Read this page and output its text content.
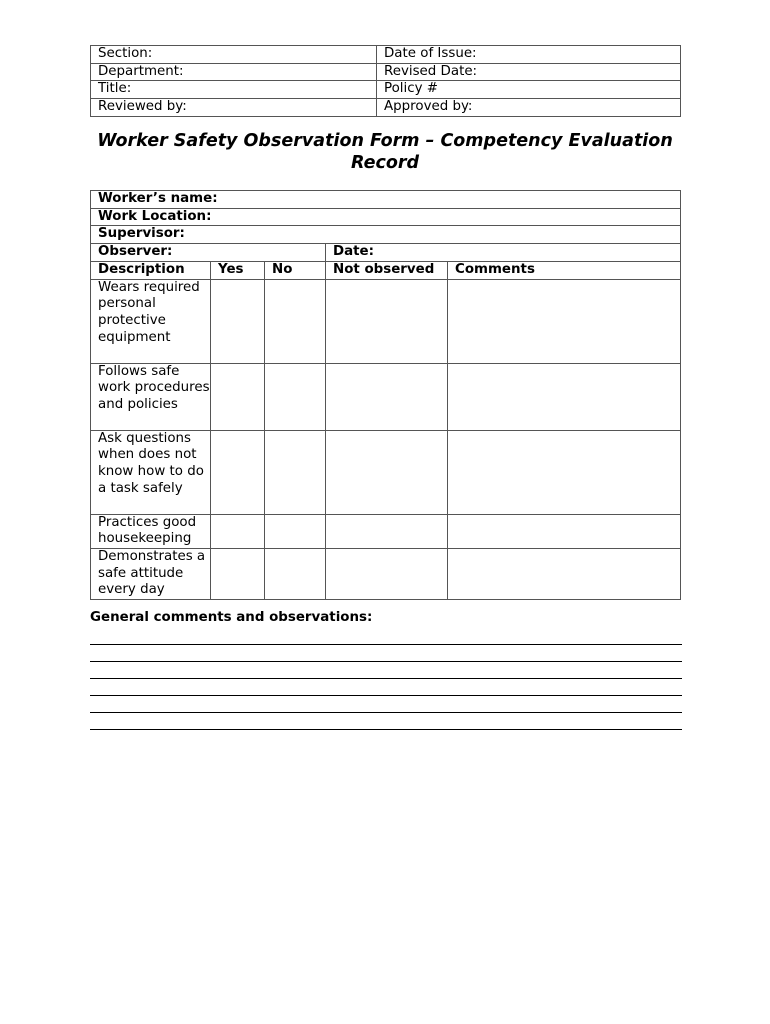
Section:	Date of Issue:
Department:	Revised Date:
Title:	Policy #
Reviewed by:	Approved by:
Worker Safety Observation Form – Competency Evaluation Record
Worker’s name:				
Work Location:				
Supervisor:				
Observer:			Date:	
Description	Yes	No	Not observed	Comments
Wears required personal protective equipment				
Follows safe work procedures and policies				
Ask questions when does not know how to do a task safely				
Practices good housekeeping				
Demonstrates a safe attitude every day				
General comments and observations:
